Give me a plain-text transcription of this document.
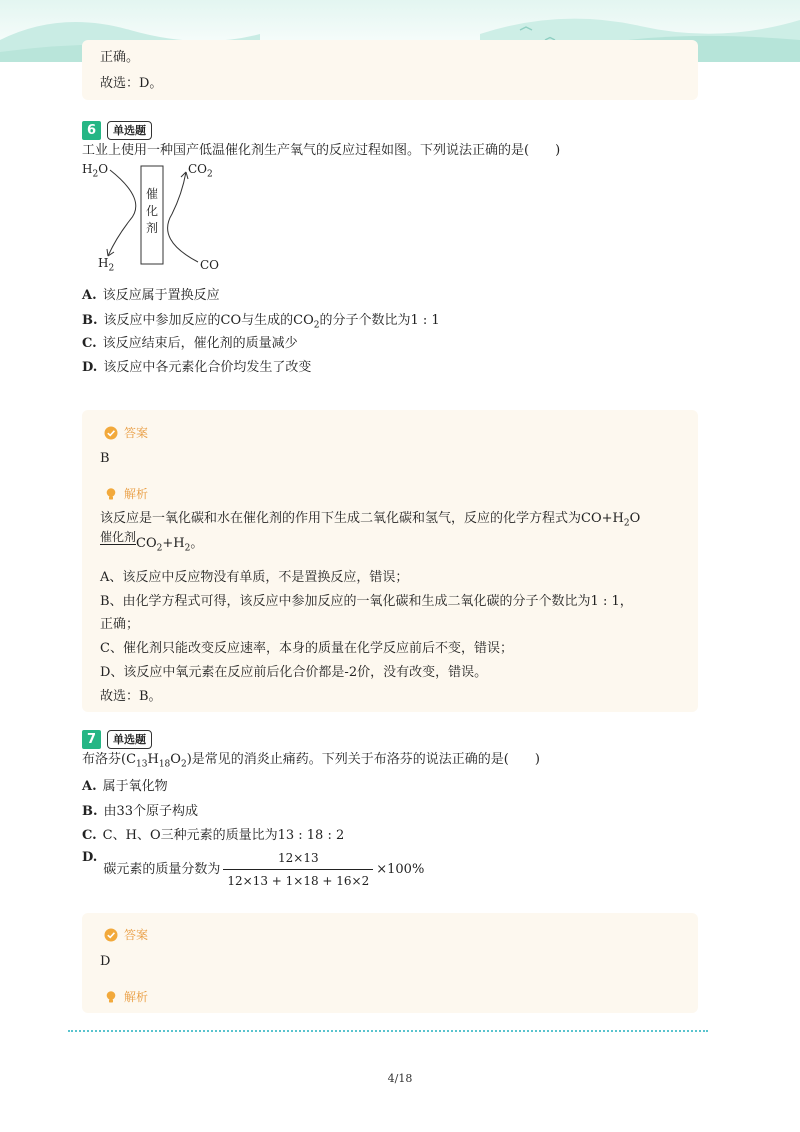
正确。
故选：D。
6	单选题
工业上使用一种国产低温催化剂生产氧气的反应过程如图。下列说法正确的是(　　)
$H_2O$	$CO_2$
$H_2$	CO
催
化
剂
A. 该反应属于置换反应
B. 该反应中参加反应的CO与生成的$CO_2$的分子个数比为1 : 1
C. 该反应结束后，催化剂的质量减少
D. 该反应中各元素化合价均发生了改变
答案
B
解析
该反应是一氧化碳和水在催化剂的作用下生成二氧化碳和氢气，反应的化学方程式为$CO+H_2O$
催化剂$CO_2+H_2$。
A、该反应中反应物没有单质，不是置换反应，错误；
B、由化学方程式可得，该反应中参加反应的一氧化碳和生成二氧化碳的分子个数比为1 : 1，
正确；
C、催化剂只能改变反应速率，本身的质量在化学反应前后不变，错误；
D、该反应中氧元素在反应前后化合价都是-2价，没有改变，错误。
故选：B。
7	单选题
布洛芬$(C_{13}H_{18}O_2)$是常见的消炎止痛药。下列关于布洛芬的说法正确的是(　　)
A. 属于氧化物
B. 由33个原子构成
C. C、H、O三种元素的质量比为13 : 18 : 2
D.碳元素的质量分数为 $\frac{12\times 13}{12\times 13 + 1\times 18 + 16\times 2} \times 100\%$
答案
D
解析
4/18
